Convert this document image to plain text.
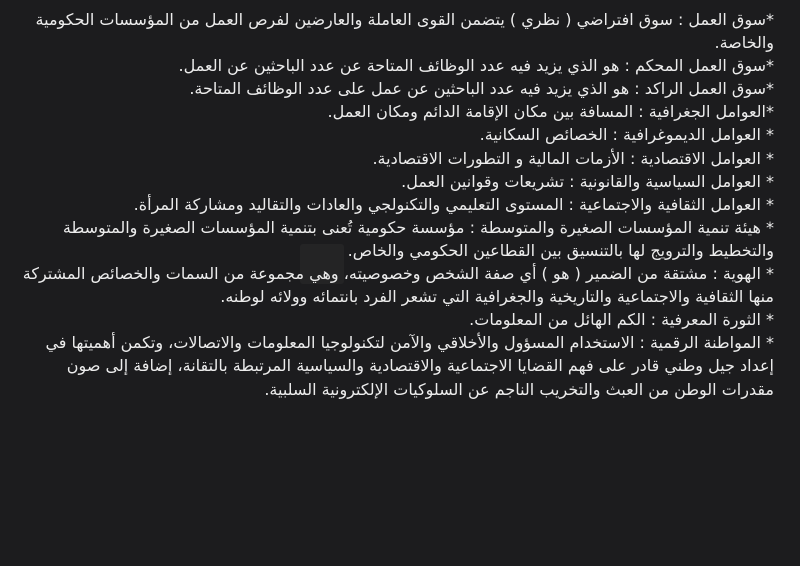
*سوق العمل : سوق افتراضي ( نظري ) يتضمن القوى العاملة والعارضين لفرص العمل من المؤسسات الحكومية والخاصة.

*سوق العمل المحكم : هو الذي يزيد فيه عدد الوظائف المتاحة عن عدد الباحثين عن العمل.

*سوق العمل الراكد : هو الذي يزيد فيه عدد الباحثين عن عمل على عدد الوظائف المتاحة.

*العوامل الجغرافية : المسافة بين مكان الإقامة الدائم ومكان العمل.

* العوامل الديموغرافية : الخصائص السكانية.

* العوامل الاقتصادية : الأزمات المالية و التطورات الاقتصادية.

* العوامل السياسية والقانونية : تشريعات وقوانين العمل.

* العوامل الثقافية والاجتماعية : المستوى التعليمي والتكنولجي والعادات والتقاليد ومشاركة المرأة.

* هيئة تنمية المؤسسات الصغيرة والمتوسطة : مؤسسة حكومية تُعنى بتنمية المؤسسات الصغيرة والمتوسطة والتخطيط والترويج لها بالتنسيق بين القطاعين الحكومي والخاص.

* الهوية : مشتقة من الضمير ( هو ) أي صفة الشخص وخصوصيته، وهي مجموعة من السمات والخصائص المشتركة منها الثقافية والاجتماعية والتاريخية والجغرافية التي تشعر الفرد بانتمائه وولائه لوطنه.

* الثورة المعرفية : الكم الهائل من المعلومات.

* المواطنة الرقمية : الاستخدام المسؤول والأخلاقي والآمن لتكنولوجيا المعلومات والاتصالات، وتكمن أهميتها في إعداد جيل وطني قادر على فهم القضايا الاجتماعية والاقتصادية والسياسية المرتبطة بالتقانة، إضافة إلى صون مقدرات الوطن من العبث والتخريب الناجم عن السلوكيات الإلكترونية السلبية.
